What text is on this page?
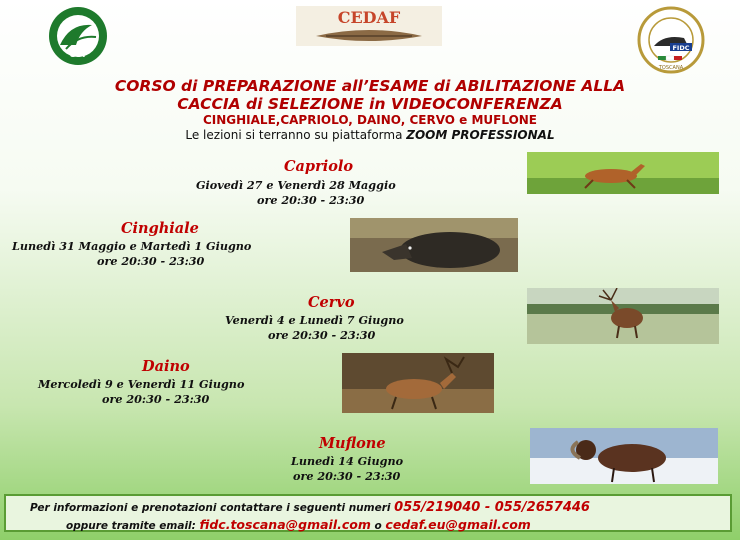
CCT
CEDAF
FIDC
TOSCANA
CORSO di PREPARAZIONE all’ESAME di ABILITAZIONE ALLA
CACCIA di SELEZIONE in VIDEOCONFERENZA
CINGHIALE,CAPRIOLO, DAINO, CERVO e MUFLONE
Le lezioni si terranno su piattaforma ZOOM PROFESSIONAL
Capriolo
Giovedì 27 e Venerdì 28 Maggio
ore 20:30 - 23:30
Cinghiale
Lunedì 31 Maggio e Martedì 1 Giugno
ore 20:30 - 23:30
Cervo
Venerdì 4 e Lunedì 7 Giugno
ore 20:30 - 23:30
Daino
Mercoledì 9 e Venerdì 11 Giugno
ore 20:30 - 23:30
Muflone
Lunedì 14 Giugno
ore 20:30 - 23:30
Per informazioni e prenotazioni contattare i seguenti numeri 055/219040 - 055/2657446
oppure tramite email: fidc.toscana@gmail.com o cedaf.eu@gmail.com
